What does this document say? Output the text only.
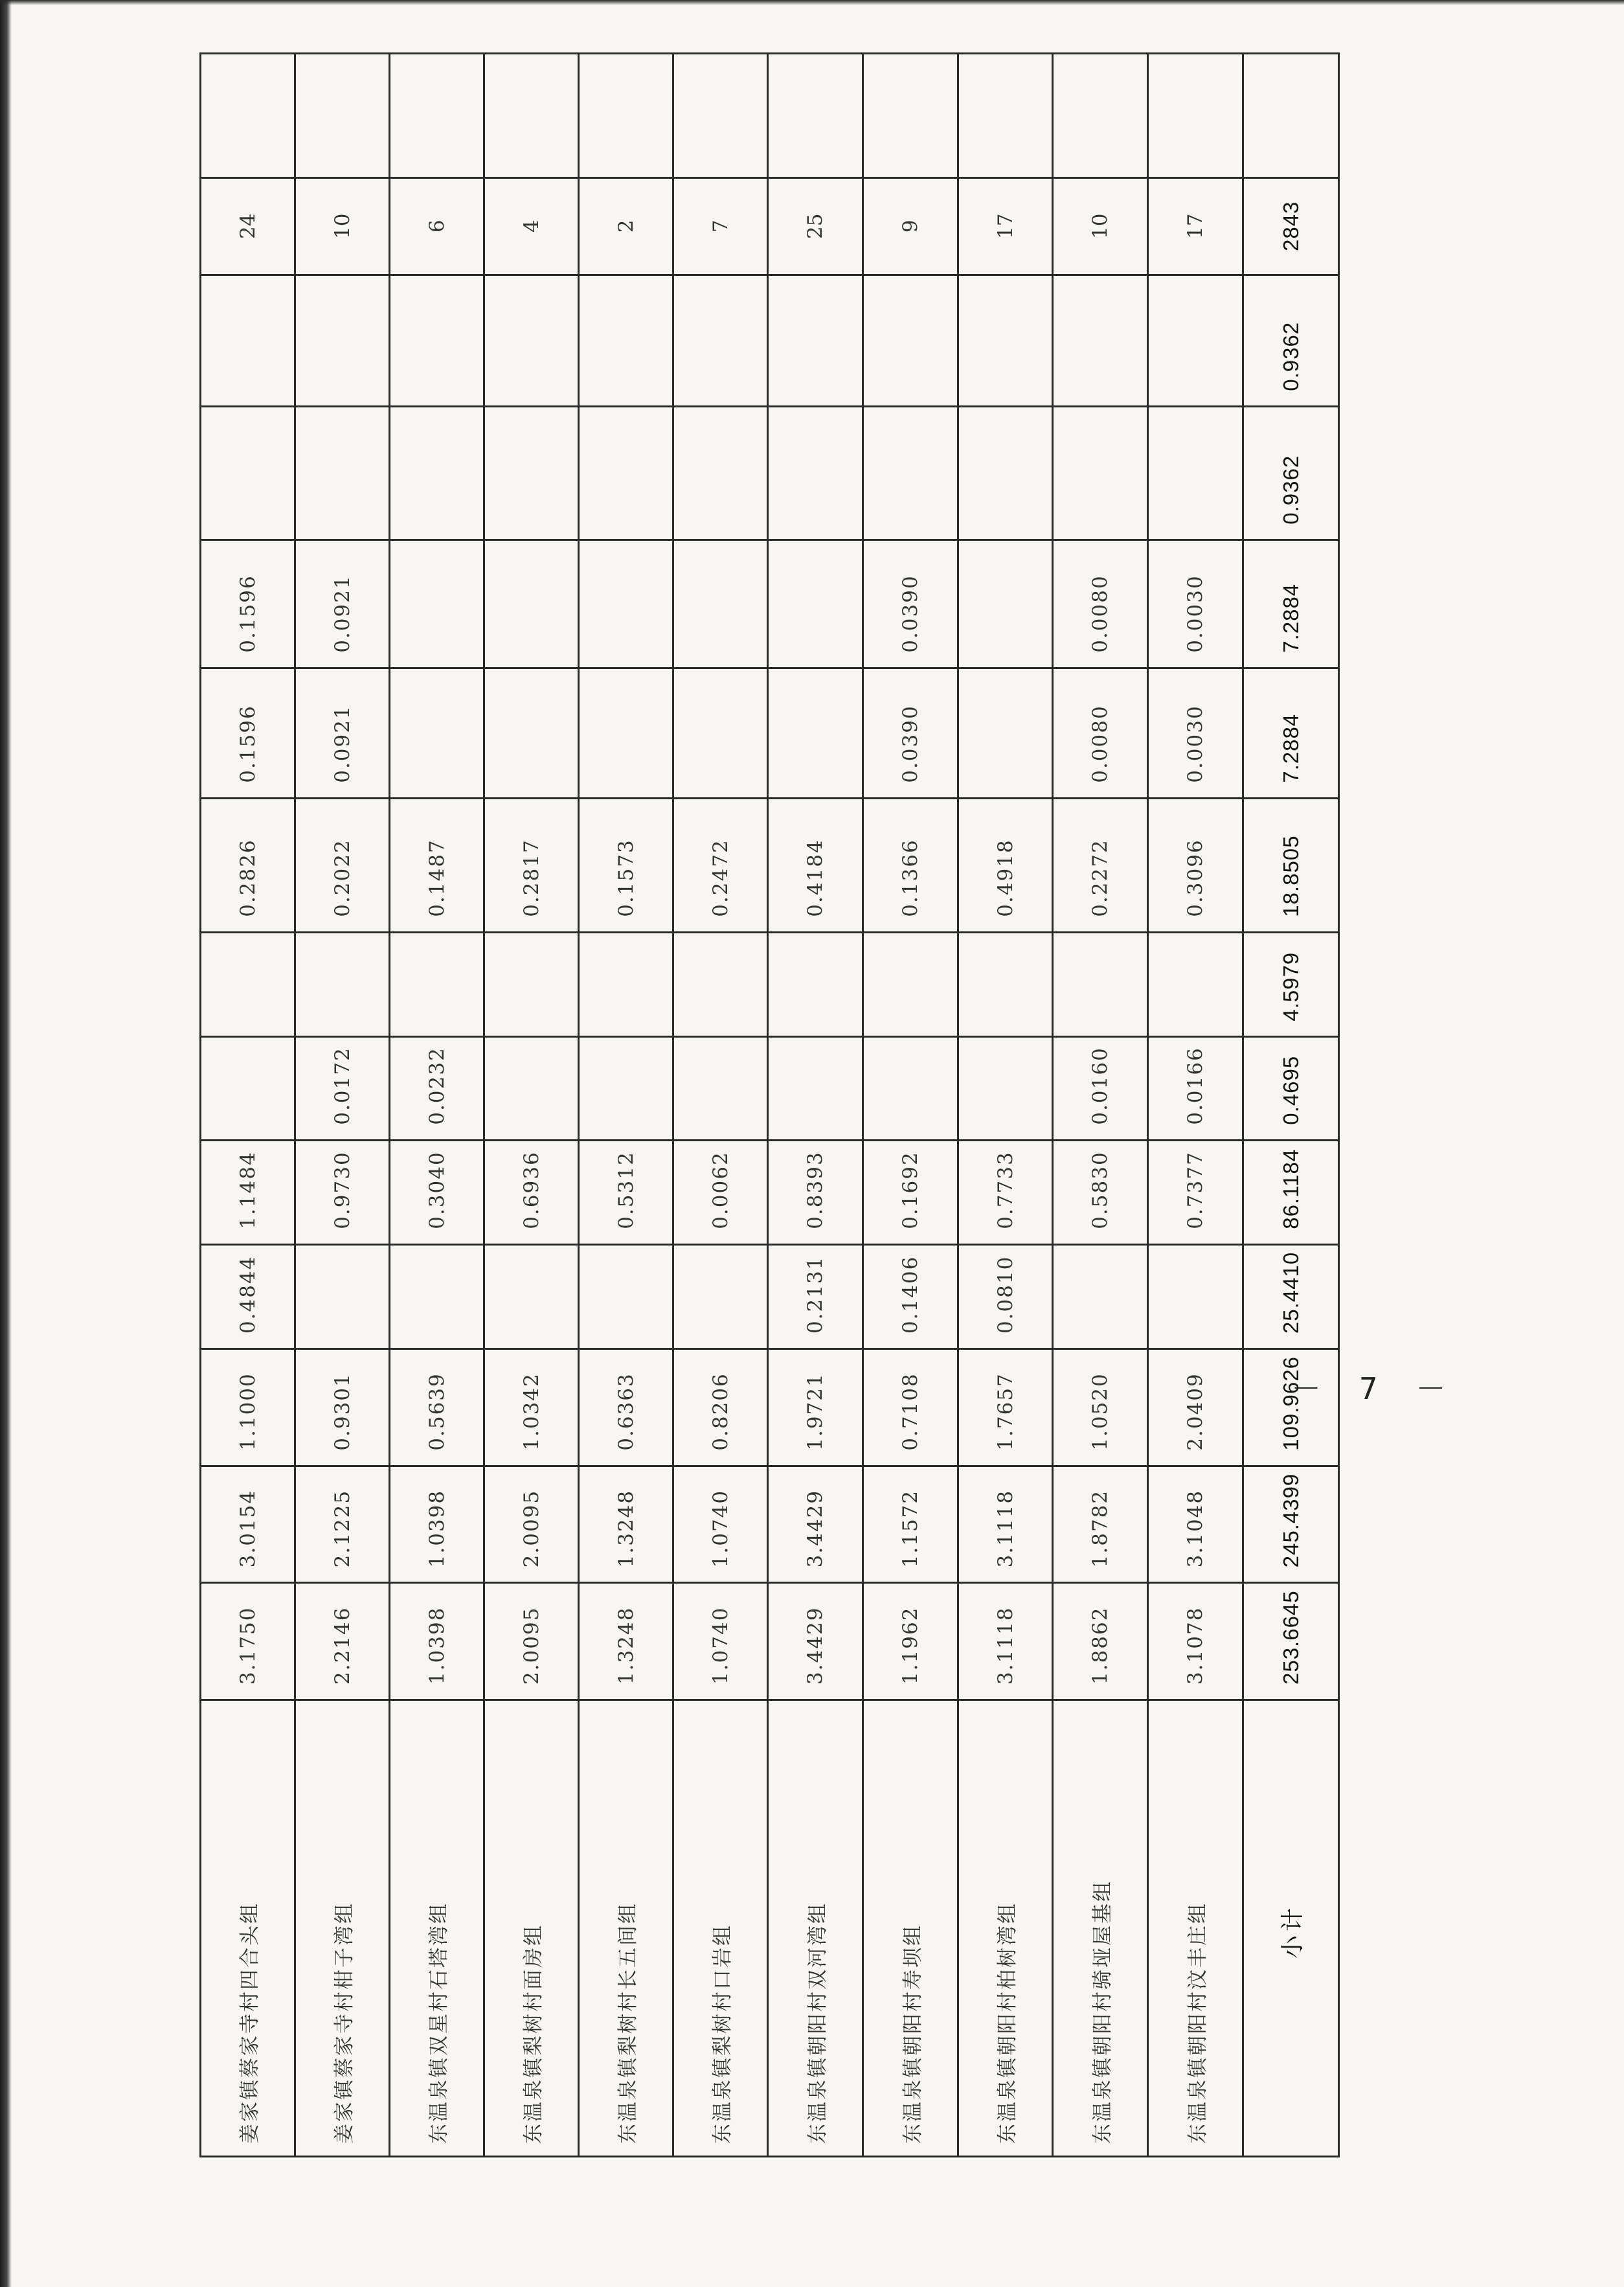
姜家镇蔡家寺村四合头组	3.1750	3.0154	1.1000	0.4844	1.1484			0.2826	0.1596	0.1596			24	
姜家镇蔡家寺村柑子湾组	2.2146	2.1225	0.9301		0.9730	0.0172		0.2022	0.0921	0.0921			10	
东温泉镇双星村石塔湾组	1.0398	1.0398	0.5639		0.3040	0.0232		0.1487					6	
东温泉镇梨树村面房组	2.0095	2.0095	1.0342		0.6936			0.2817					4	
东温泉镇梨树村长五间组	1.3248	1.3248	0.6363		0.5312			0.1573					2	
东温泉镇梨树村口岩组	1.0740	1.0740	0.8206		0.0062			0.2472					7	
东温泉镇朝阳村双河湾组	3.4429	3.4429	1.9721	0.2131	0.8393			0.4184					25	
东温泉镇朝阳村寿坝组	1.1962	1.1572	0.7108	0.1406	0.1692			0.1366	0.0390	0.0390			9	
东温泉镇朝阳村柏树湾组	3.1118	3.1118	1.7657	0.0810	0.7733			0.4918					17	
东温泉镇朝阳村骑垭屋基组	1.8862	1.8782	1.0520		0.5830	0.0160		0.2272	0.0080	0.0080			10	
东温泉镇朝阳村汶丰庄组	3.1078	3.1048	2.0409		0.7377	0.0166		0.3096	0.0030	0.0030			17	
小计	253.6645	245.4399	109.9626	25.4410	86.1184	0.4695	4.5979	18.8505	7.2884	7.2884	0.9362	0.9362	2843	
－ 7 －
